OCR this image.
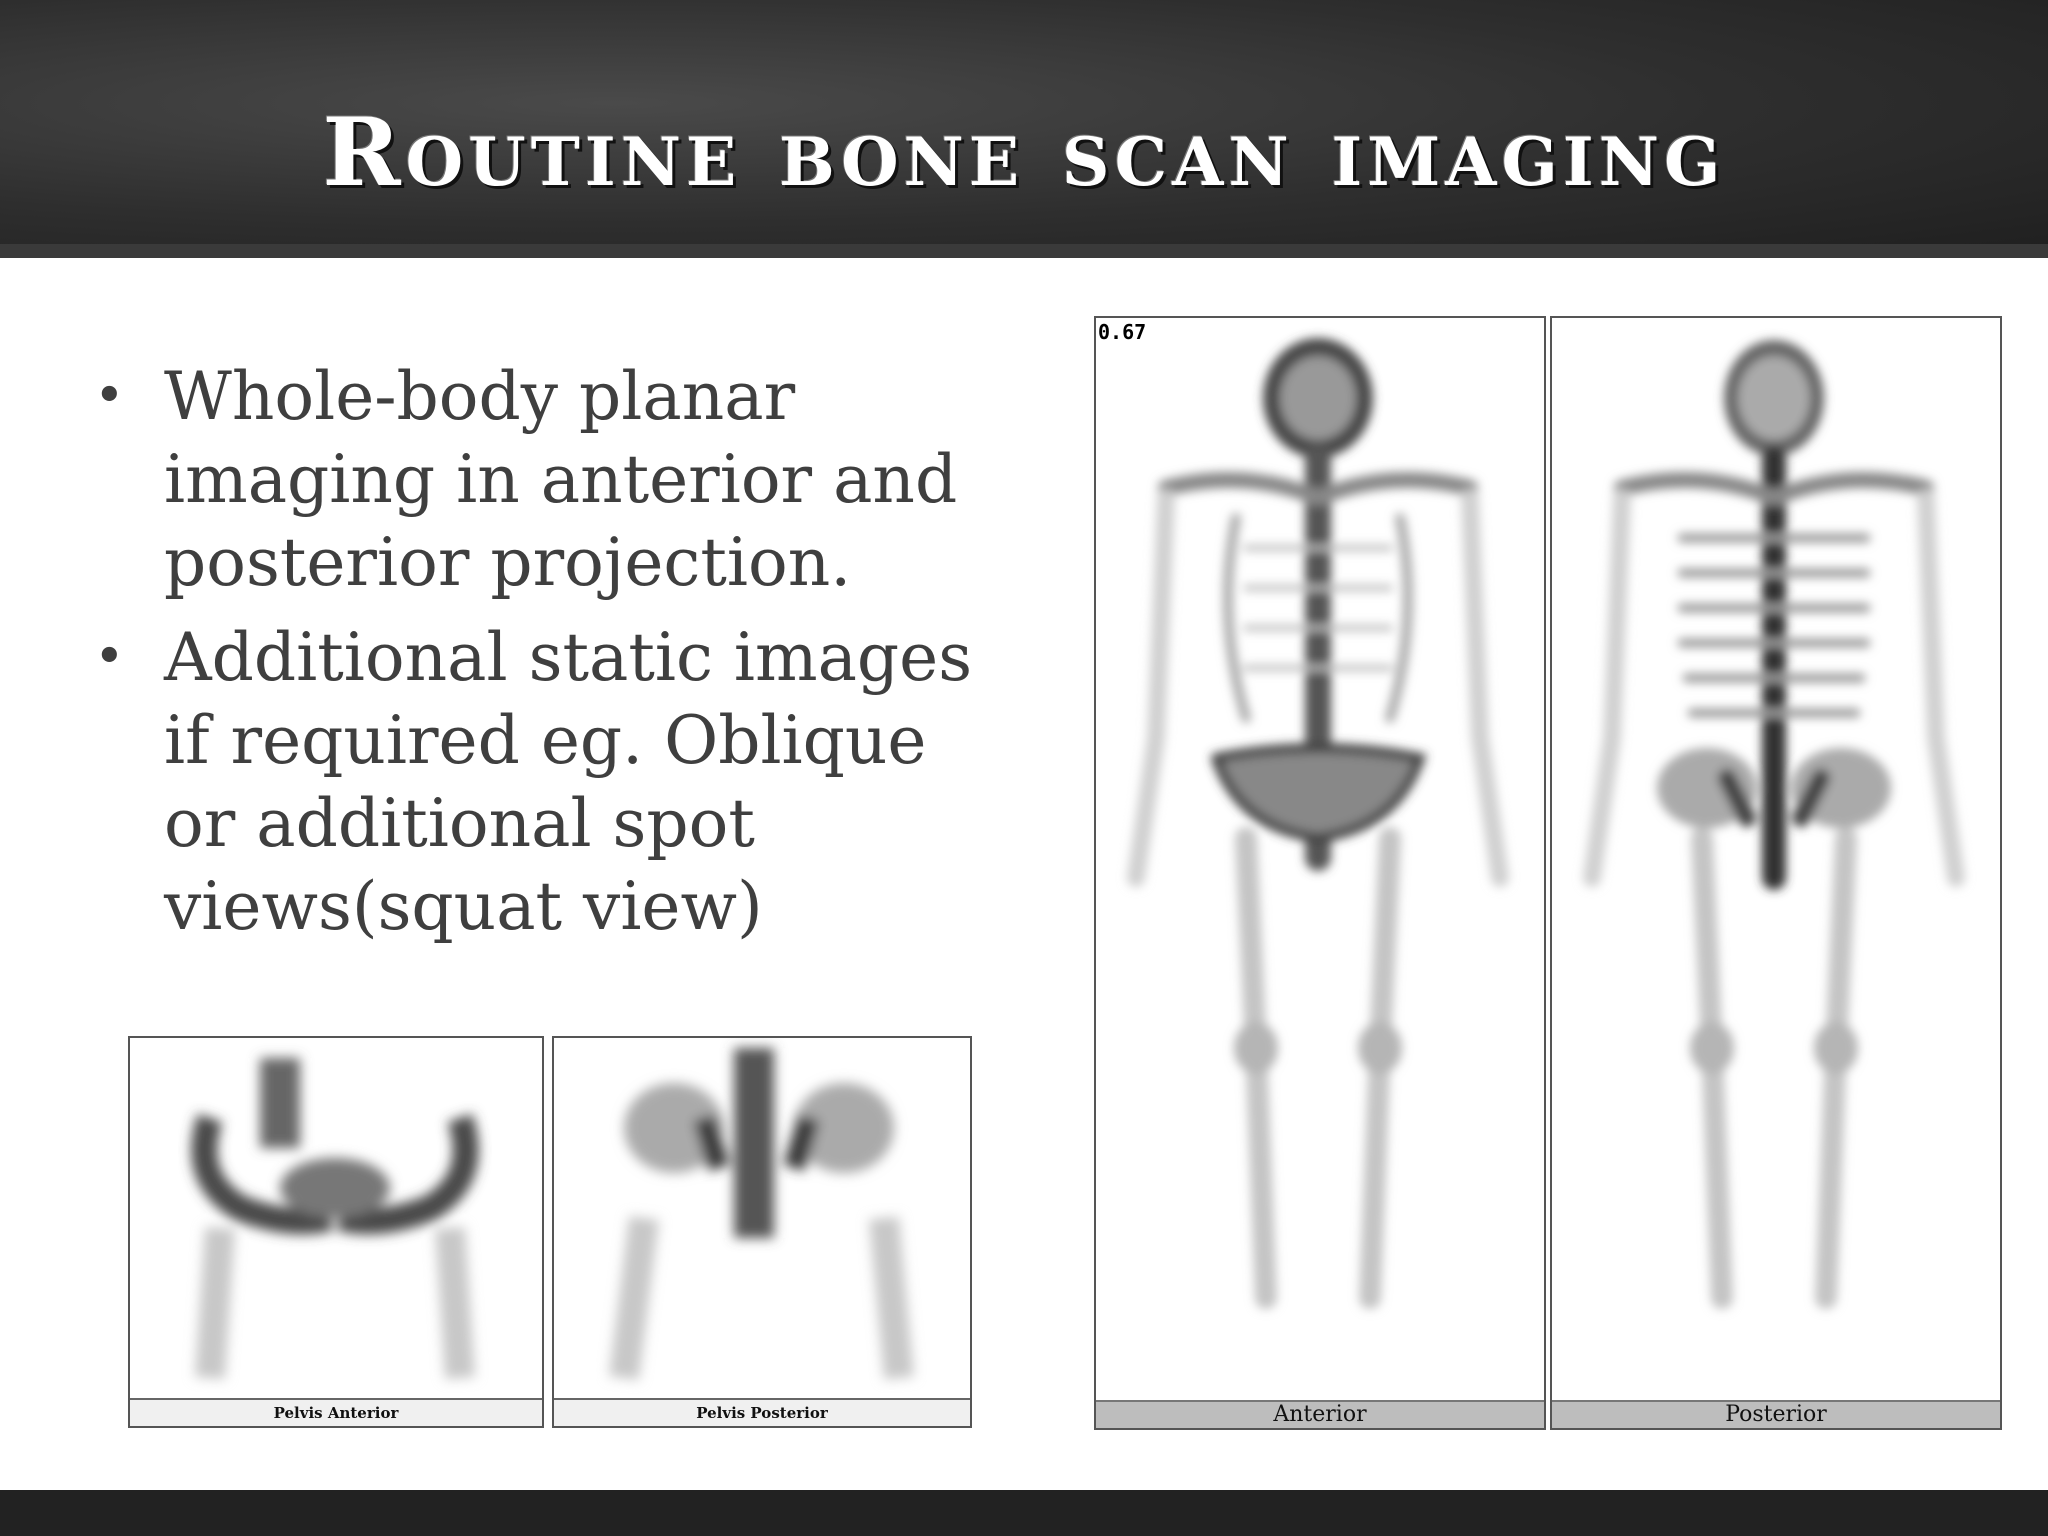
Routine bone scan imaging
• Whole-body planar imaging in anterior and posterior projection.
• Additional static images if required eg. Oblique or additional spot views(squat view)
Pelvis Anterior	Pelvis Posterior
0.67
Anterior	Posterior
